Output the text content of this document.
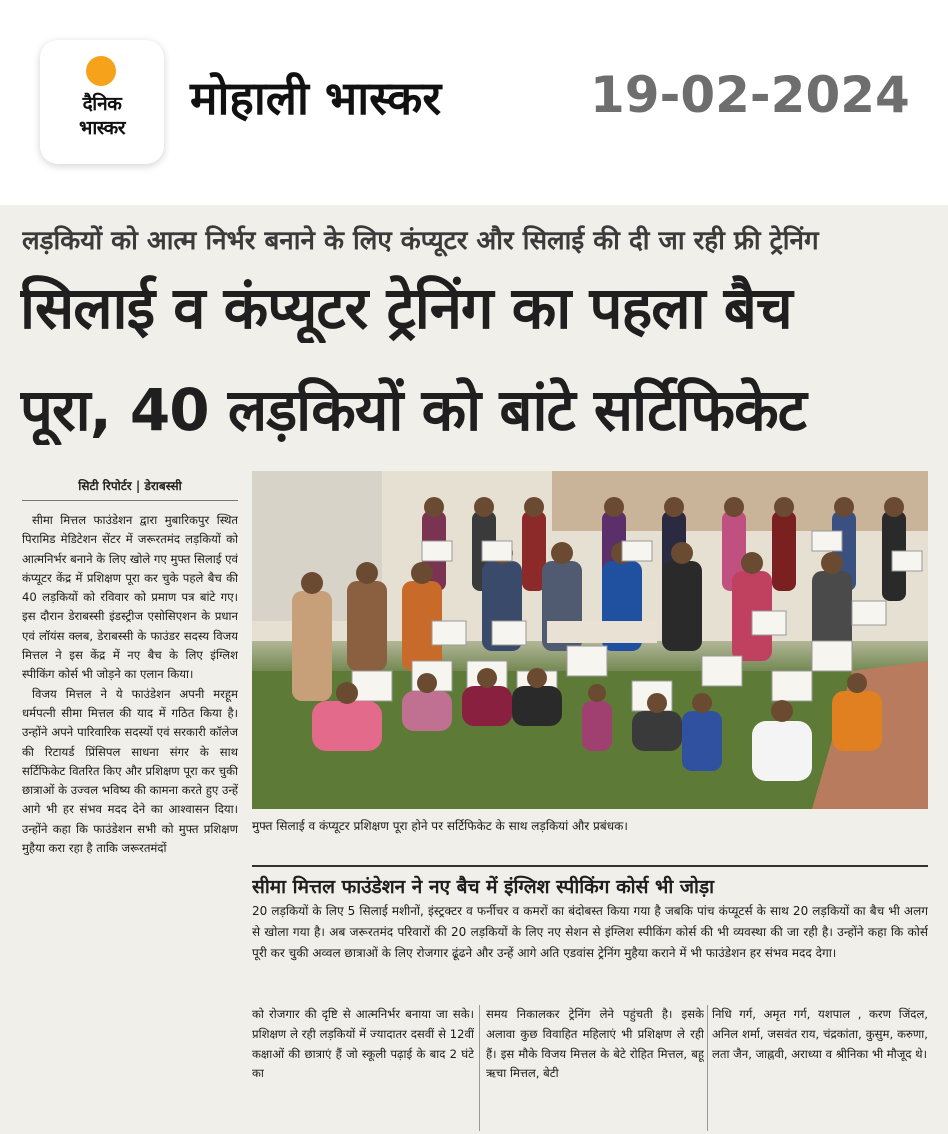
दैनिक
भास्कर
मोहाली भास्कर	19-02-2024
लड़कियों को आत्म निर्भर बनाने के लिए कंप्यूटर और सिलाई की दी जा रही फ्री ट्रेनिंग
सिलाई व कंप्यूटर ट्रेनिंग का पहला बैच
पूरा, 40 लड़कियों को बांटे सर्टिफिकेट
सिटी रिपोर्टर | डेराबस्सी

सीमा मित्तल फाउंडेशन द्वारा मुबारिकपुर स्थित पिरामिड मेडिटेशन सेंटर में जरूरतमंद लड़कियों को आत्मनिर्भर बनाने के लिए खोले गए मुफ्त सिलाई एवं कंप्यूटर केंद्र में प्रशिक्षण पूरा कर चुके पहले बैच की 40 लड़कियों को रविवार को प्रमाण पत्र बांटे गए। इस दौरान डेराबस्सी इंडस्ट्रीज एसोसिएशन के प्रधान एवं लॉयंस क्लब, डेराबस्सी के फाउंडर सदस्य विजय मित्तल ने इस केंद्र में नए बैच के लिए इंग्लिश स्पीकिंग कोर्स भी जोड़ने का एलान किया।

विजय मित्तल ने ये फाउंडेशन अपनी मरहूम धर्मपत्नी सीमा मित्तल की याद में गठित किया है। उन्होंने अपने पारिवारिक सदस्यों एवं सरकारी कॉलेज की रिटायर्ड प्रिंसिपल साधना संगर के साथ सर्टिफिकेट वितरित किए और प्रशिक्षण पूरा कर चुकी छात्राओं के उज्वल भविष्य की कामना करते हुए उन्हें आगे भी हर संभव मदद देने का आश्वासन दिया। उन्होंने कहा कि फाउंडेशन सभी को मुफ्त प्रशिक्षण मुहैया करा रहा है ताकि जरूरतमंदों

मुफ्त सिलाई व कंप्यूटर प्रशिक्षण पूरा होने पर सर्टिफिकेट के साथ लड़कियां और प्रबंधक।
सीमा मित्तल फाउंडेशन ने नए बैच में इंग्लिश स्पीकिंग कोर्स भी जोड़ा
20 लड़कियों के लिए 5 सिलाई मशीनों, इंस्ट्रक्टर व फर्नीचर व कमरों का बंदोबस्त किया गया है जबकि पांच कंप्यूटर्स के साथ 20 लड़कियों का बैच भी अलग से खोला गया है। अब जरूरतमंद परिवारों की 20 लड़कियों के लिए नए सेशन से इंग्लिश स्पीकिंग कोर्स की भी व्यवस्था की जा रही है। उन्होंने कहा कि कोर्स पूरी कर चुकी अव्वल छात्राओं के लिए रोजगार ढूंढने और उन्हें आगे अति एडवांस ट्रेनिंग मुहैया कराने में भी फाउंडेशन हर संभव मदद देगा।
को रोजगार की दृष्टि से आत्मनिर्भर बनाया जा सके। प्रशिक्षण ले रही लड़कियों में ज्यादातर दसवीं से 12वीं कक्षाओं की छात्राएं हैं जो स्कूली पढ़ाई के बाद 2 घंटे का
समय निकालकर ट्रेनिंग लेने पहुंचती है। इसके अलावा कुछ विवाहित महिलाएं भी प्रशिक्षण ले रही हैं। इस मौके विजय मित्तल के बेटे रोहित मित्तल, बहू ऋचा मित्तल, बेटी
निधि गर्ग, अमृत गर्ग, यशपाल , करण जिंदल, अनिल शर्मा, जसवंत राय, चंद्रकांता, कुसुम, करुणा, लता जैन, जाह्नवी, अराध्या व श्रीनिका भी मौजूद थे।
